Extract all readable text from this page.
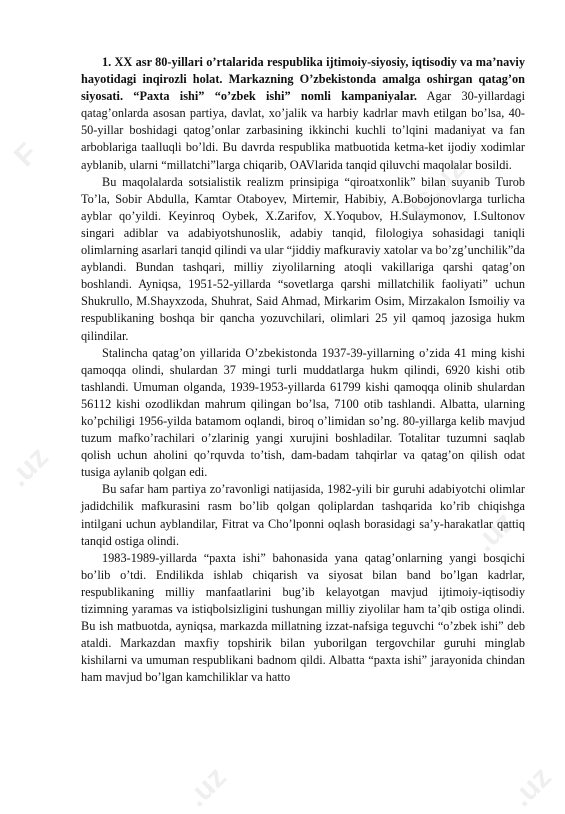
F	as.uz
.uz
.uz
.uz	.uz

1. XX asr 80-yillari o’rtalarida respublika ijtimoiy-siyosiy, iqtisodiy va ma’naviy hayotidagi inqirozli holat. Markazning O’zbekistonda amalga oshirgan qatag’on siyosati. “Paxta ishi” “o’zbek ishi” nomli kampaniyalar. Agar 30-yillardagi qatag’onlarda asosan partiya, davlat, xo’jalik va harbiy kadrlar mavh etilgan bo’lsa, 40-50-yillar boshidagi qatog’onlar zarbasining ikkinchi kuchli to’lqini madaniyat va fan arboblariga taalluqli bo’ldi. Bu davrda respublika matbuotida ketma-ket ijodiy xodimlar ayblanib, ularni “millatchi”larga chiqarib, OAVlarida tanqid qiluvchi maqolalar bosildi.

Bu maqolalarda sotsialistik realizm prinsipiga “qiroatxonlik” bilan suyanib Turob To’la, Sobir Abdulla, Kamtar Otaboyev, Mirtemir, Habibiy, A.Bobojonovlarga turlicha ayblar qo’yildi. Keyinroq Oybek, X.Zarifov, X.Yoqubov, H.Sulaymonov, I.Sultonov singari adiblar va adabiyotshunoslik, adabiy tanqid, filologiya sohasidagi taniqli olimlarning asarlari tanqid qilindi va ular “jiddiy mafkuraviy xatolar va bo’zg’unchilik”da ayblandi. Bundan tashqari, milliy ziyolilarning atoqli vakillariga qarshi qatag’on boshlandi. Ayniqsa, 1951-52-yillarda “sovetlarga qarshi millatchilik faoliyati” uchun Shukrullo, M.Shayxzoda, Shuhrat, Said Ahmad, Mirkarim Osim, Mirzakalon Ismoiliy va respublikaning boshqa bir qancha yozuvchilari, olimlari 25 yil qamoq jazosiga hukm qilindilar.

Stalincha qatag’on yillarida O’zbekistonda 1937-39-yillarning o’zida 41 ming kishi qamoqqa olindi, shulardan 37 mingi turli muddatlarga hukm qilindi, 6920 kishi otib tashlandi. Umuman olganda, 1939-1953-yillarda 61799 kishi qamoqqa olinib shulardan 56112 kishi ozodlikdan mahrum qilingan bo’lsa, 7100 otib tashlandi. Albatta, ularning ko’pchiligi 1956-yilda batamom oqlandi, biroq o’limidan so’ng. 80-yillarga kelib mavjud tuzum mafko’rachilari o’zlarinig yangi xurujini boshladilar. Totalitar tuzumni saqlab qolish uchun aholini qo’rquvda to’tish, dam-badam tahqirlar va qatag’on qilish odat tusiga aylanib qolgan edi.

Bu safar ham partiya zo’ravonligi natijasida, 1982-yili bir guruhi adabiyotchi olimlar jadidchilik mafkurasini rasm bo’lib qolgan qoliplardan tashqarida ko’rib chiqishga intilgani uchun ayblandilar, Fitrat va Cho’lponni oqlash borasidagi sa’y-harakatlar qattiq tanqid ostiga olindi.

1983-1989-yillarda “paxta ishi” bahonasida yana qatag’onlarning yangi bosqichi bo’lib o’tdi. Endilikda ishlab chiqarish va siyosat bilan band bo’lgan kadrlar, respublikaning milliy manfaatlarini bug’ib kelayotgan mavjud ijtimoiy-iqtisodiy tizimning yaramas va istiqbolsizligini tushungan milliy ziyolilar ham ta’qib ostiga olindi. Bu ish matbuotda, ayniqsa, markazda millatning izzat-nafsiga teguvchi “o’zbek ishi” deb ataldi. Markazdan maxfiy topshirik bilan yuborilgan tergovchilar guruhi minglab kishilarni va umuman respublikani badnom qildi. Albatta “paxta ishi” jarayonida chindan ham mavjud bo’lgan kamchiliklar va hatto
